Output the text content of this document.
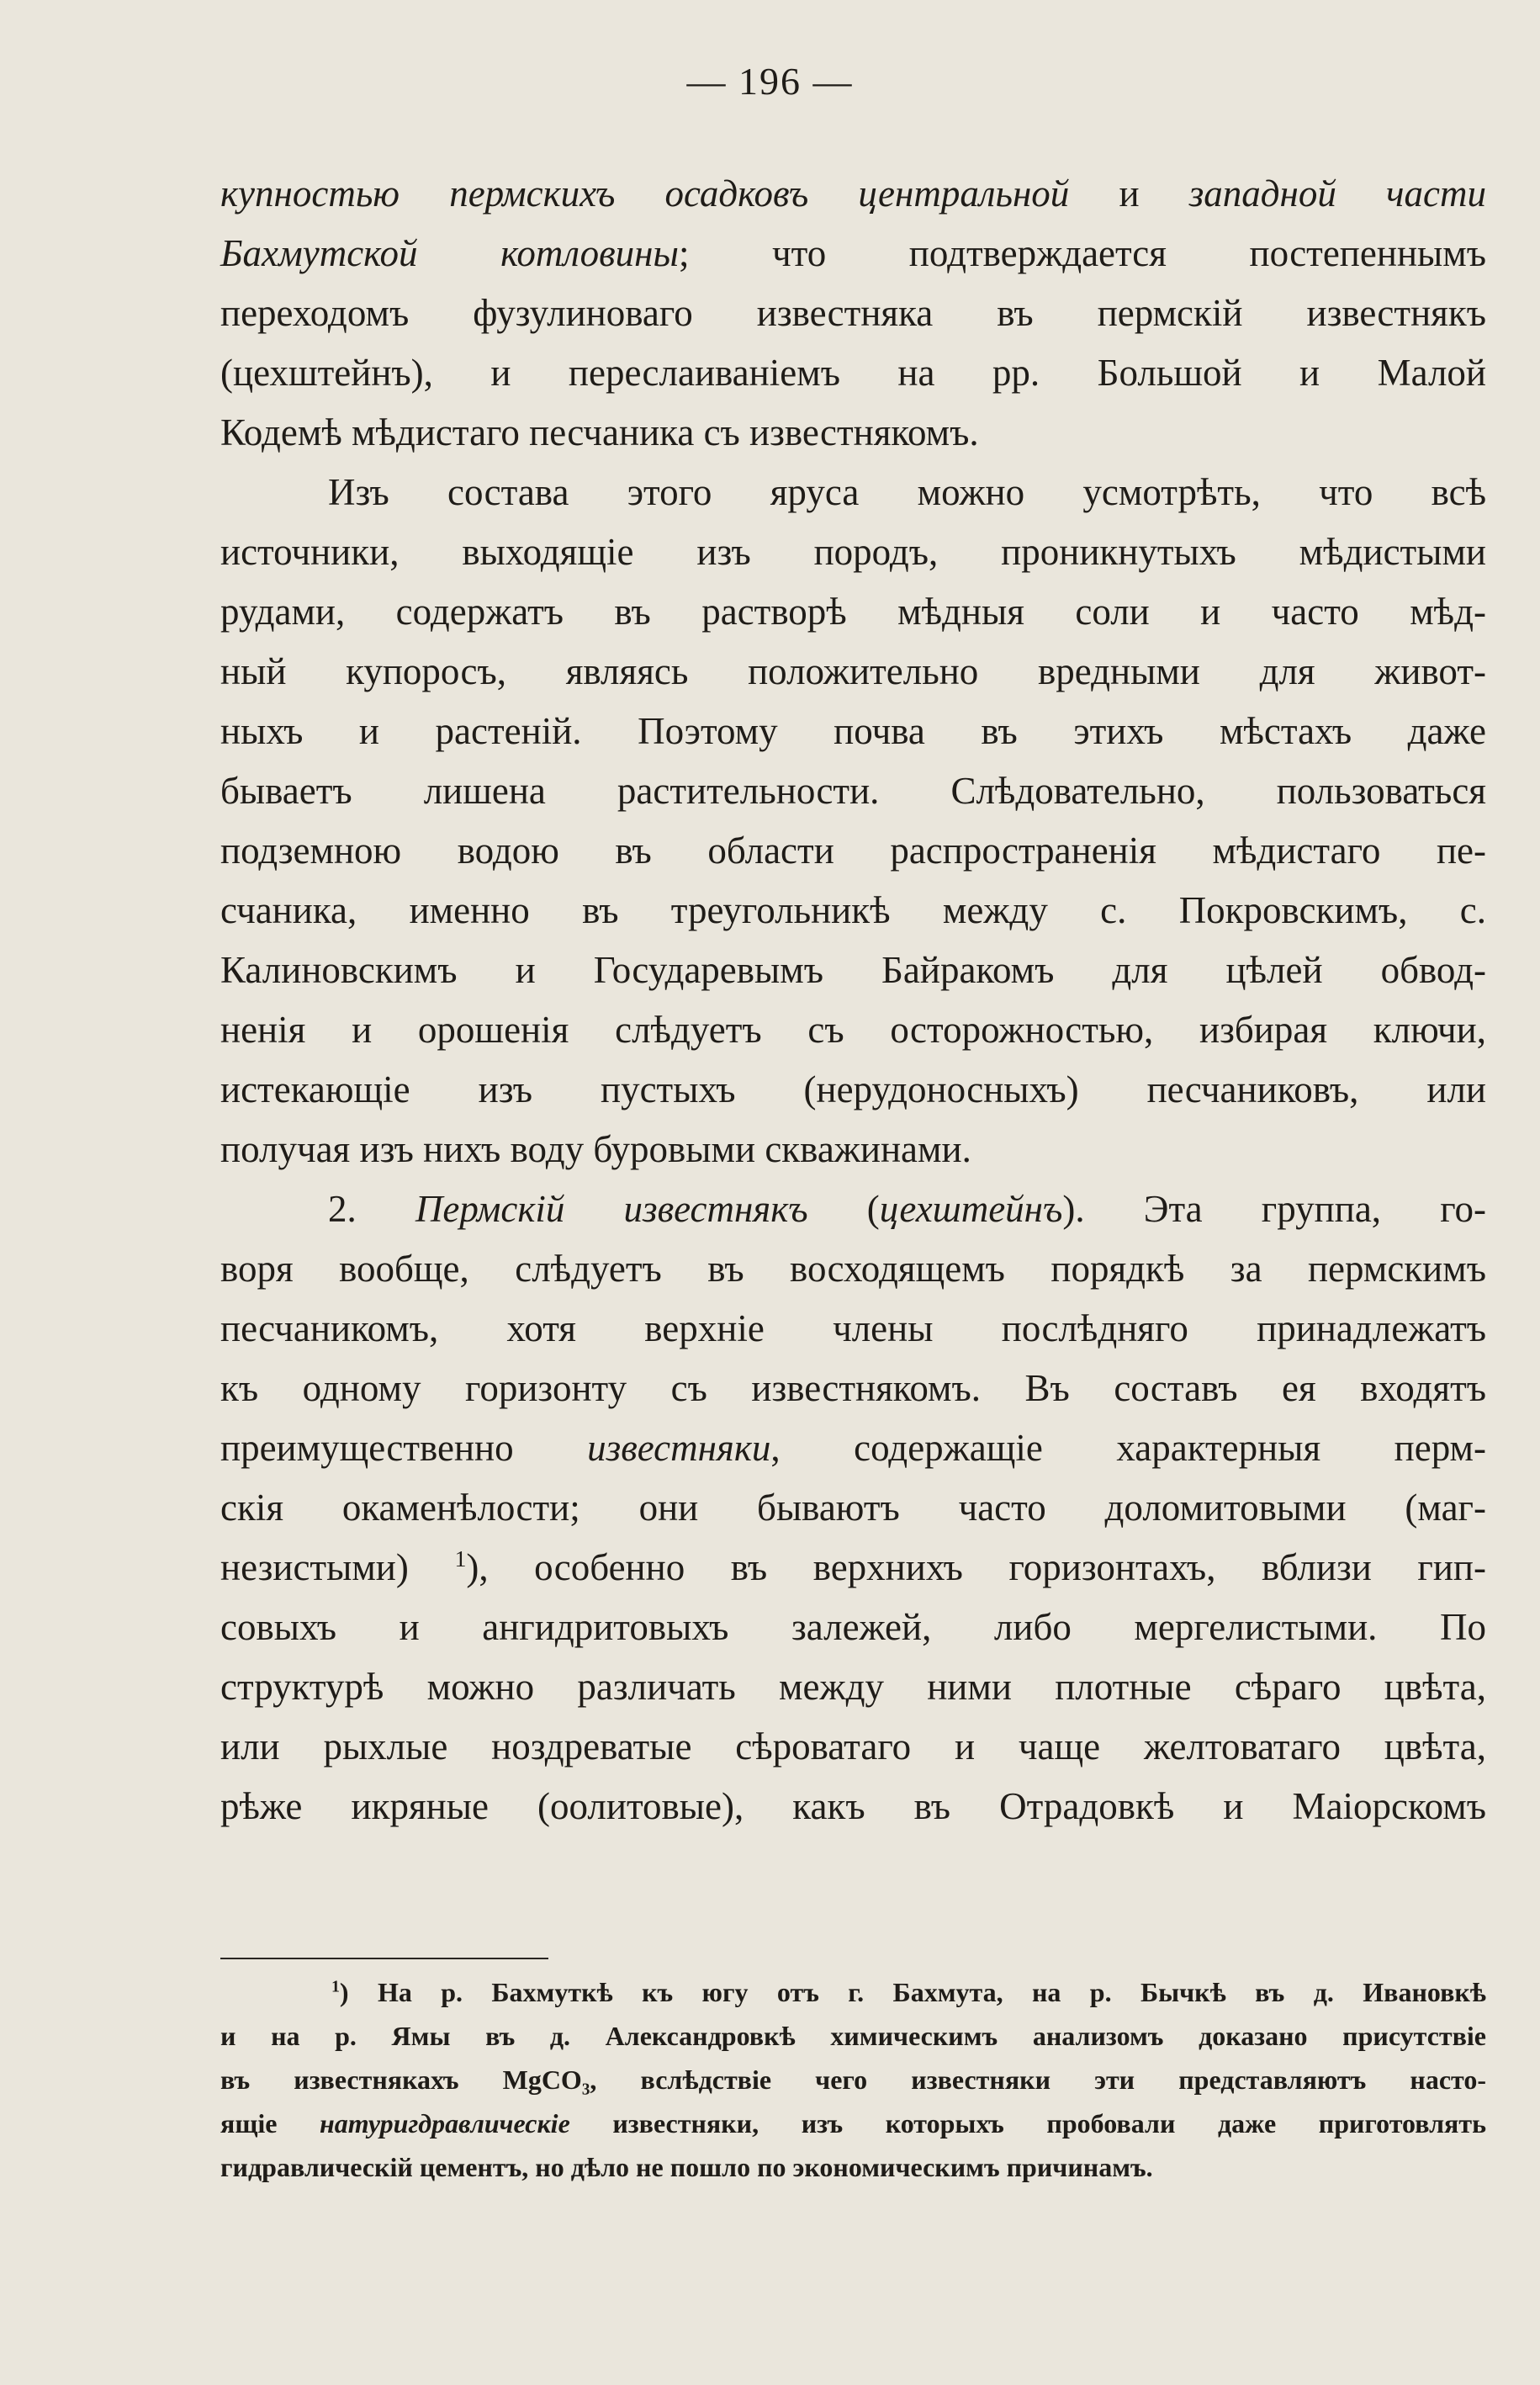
— 196 —
купностью пермскихъ осадковъ центральной и западной части
Бахмутской котловины; что подтверждается постепеннымъ
переходомъ фузулиноваго известняка въ пермскій известнякъ
(цехштейнъ), и переслаиваніемъ на рр. Большой и Малой
Кодемѣ мѣдистаго песчаника съ известнякомъ.
Изъ состава этого яруса можно усмотрѣть, что всѣ
источники, выходящіе изъ породъ, проникнутыхъ мѣдистыми
рудами, содержатъ въ растворѣ мѣдныя соли и часто мѣд-
ный купоросъ, являясь положительно вредными для живот-
ныхъ и растеній. Поэтому почва въ этихъ мѣстахъ даже
бываетъ лишена растительности. Слѣдовательно, пользоваться
подземною водою въ области распространенія мѣдистаго пе-
счаника, именно въ треугольникѣ между с. Покровскимъ, с.
Калиновскимъ и Государевымъ Байракомъ для цѣлей обвод-
ненія и орошенія слѣдуетъ съ осторожностью, избирая ключи,
истекающіе изъ пустыхъ (нерудоносныхъ) песчаниковъ, или
получая изъ нихъ воду буровыми скважинами.
2. Пермскій известнякъ (цехштейнъ). Эта группа, го-
воря вообще, слѣдуетъ въ восходящемъ порядкѣ за пермскимъ
песчаникомъ, хотя верхніе члены послѣдняго принадлежатъ
къ одному горизонту съ известнякомъ. Въ составъ ея входятъ
преимущественно известняки, содержащіе характерныя перм-
скія окаменѣлости; они бываютъ часто доломитовыми (маг-
незистыми) $^1$), особенно въ верхнихъ горизонтахъ, вблизи гип-
совыхъ и ангидритовыхъ залежей, либо мергелистыми. По
структурѣ можно различать между ними плотные сѣраго цвѣта,
или рыхлые ноздреватые сѣроватаго и чаще желтоватаго цвѣта,
рѣже икряные (оолитовые), какъ въ Отрадовкѣ и Маіорскомъ
$^1$) На р. Бахмуткѣ къ югу отъ г. Бахмута, на р. Бычкѣ въ д. Ивановкѣ
и на р. Ямы въ д. Александровкѣ химическимъ анализомъ доказано присутствіе
въ известнякахъ MgCO₃, вслѣдствіе чего известняки эти представляютъ насто-
ящіе натуригдравлическіе известняки, изъ которыхъ пробовали даже приготовлять
гидравлическій цементъ, но дѣло не пошло по экономическимъ причинамъ.
